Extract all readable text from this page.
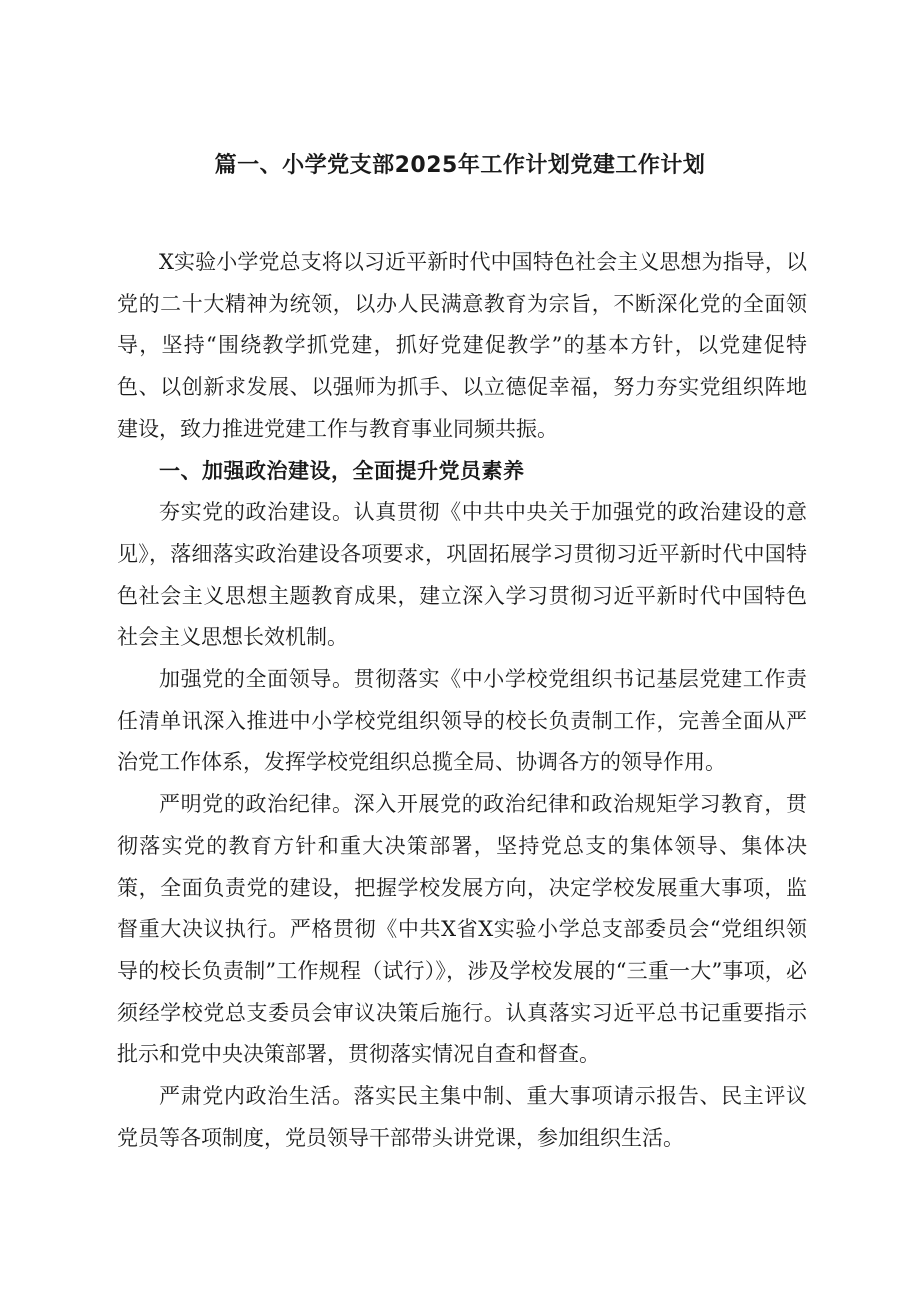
篇一、小学党支部2025年工作计划党建工作计划

X实验小学党总支将以习近平新时代中国特色社会主义思想为指导，以党的二十大精神为统领，以办人民满意教育为宗旨，不断深化党的全面领导，坚持“围绕教学抓党建，抓好党建促教学”的基本方针，以党建促特色、以创新求发展、以强师为抓手、以立德促幸福，努力夯实党组织阵地建设，致力推进党建工作与教育事业同频共振。

一、加强政治建设，全面提升党员素养

夯实党的政治建设。认真贯彻《中共中央关于加强党的政治建设的意见》，落细落实政治建设各项要求，巩固拓展学习贯彻习近平新时代中国特色社会主义思想主题教育成果，建立深入学习贯彻习近平新时代中国特色社会主义思想长效机制。

加强党的全面领导。贯彻落实《中小学校党组织书记基层党建工作责任清单讯深入推进中小学校党组织领导的校长负责制工作，完善全面从严治党工作体系，发挥学校党组织总揽全局、协调各方的领导作用。

严明党的政治纪律。深入开展党的政治纪律和政治规矩学习教育，贯彻落实党的教育方针和重大决策部署，坚持党总支的集体领导、集体决策，全面负责党的建设，把握学校发展方向，决定学校发展重大事项，监督重大决议执行。严格贯彻《中共X省X实验小学总支部委员会“党组织领导的校长负责制”工作规程（试行）》，涉及学校发展的“三重一大”事项，必须经学校党总支委员会审议决策后施行。认真落实习近平总书记重要指示批示和党中央决策部署，贯彻落实情况自查和督查。

严肃党内政治生活。落实民主集中制、重大事项请示报告、民主评议党员等各项制度，党员领导干部带头讲党课，参加组织生活。
